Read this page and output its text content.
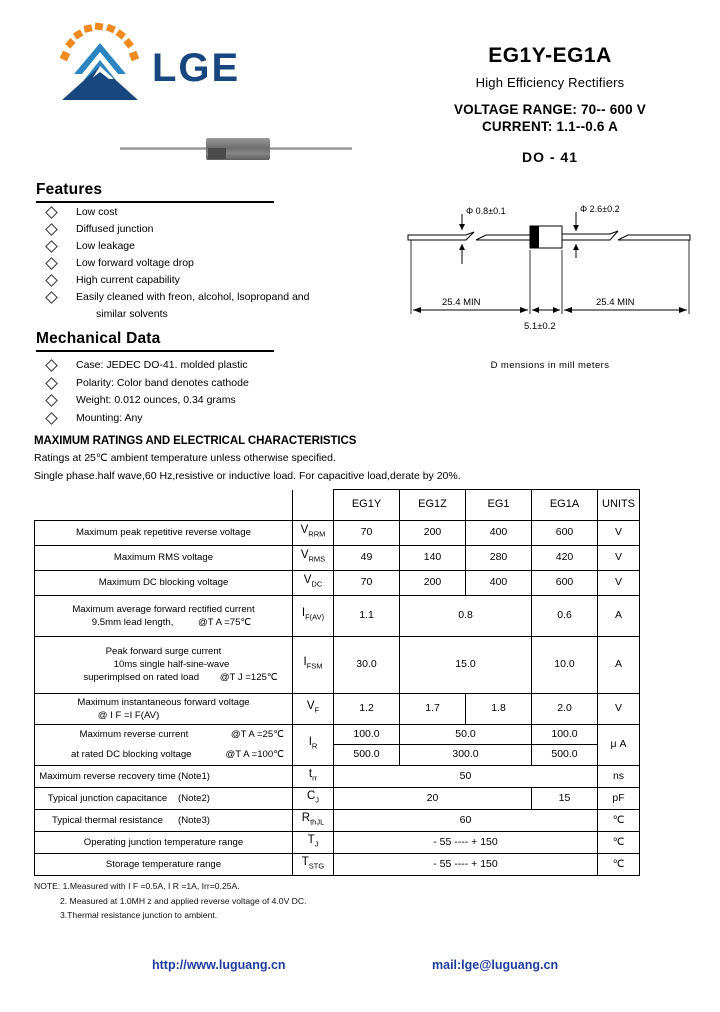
LGE	EG1Y-EG1A
High Efficiency Rectifiers
VOLTAGE RANGE: 70-- 600 V
CURRENT: 1.1--0.6 A
DO - 41
Features
Low cost
Diffused junction
Low leakage
Low forward voltage drop
High current capability
Easily cleaned with freon, alcohol, lsopropand and
similar solvents
Mechanical Data
Case: JEDEC DO-41. molded plastic
Polarity: Color band denotes cathode
Weight: 0.012 ounces, 0.34 grams
Mounting: Any
Φ 0.8±0.1	Φ 2.6±0.2
25.4 MIN
5.1±0.2
25.4 MIN
D mensions in mill meters
MAXIMUM RATINGS AND ELECTRICAL CHARACTERISTICS
Ratings at 25℃ ambient temperature unless otherwise specified.
Single phase.half wave,60 Hz,resistive or inductive load. For capacitive load,derate by 20%.
		EG1Y	EG1Z	EG1	EG1A	UNITS
Maximum peak repetitive reverse voltage	$V_{RRM}$	70	200	400	600	V
Maximum RMS voltage	$V_{RMS}$	49	140	280	420	V
Maximum DC blocking voltage	$V_{DC}$	70	200	400	600	V

Maximum average forward rectified current
9.5mm lead length, @T A =75℃	$I_{F(AV)}$	1.1	0.8		0.6	A

Peak forward surge current
10ms single half-sine-wave
superimplsed on rated load @T J =125℃	$I_{FSM}$	30.0	15.0		10.0	A

Maximum instantaneous forward voltage
@ I F =I F(AV)	$V_F$	1.2	1.7	1.8	2.0	V
Maximum reverse current @T A =25℃	$I_R$	100.0	50.0		100.0	μ A
at rated DC blocking voltage @T A =100℃		500.0	300.0		500.0	
Maximum reverse recovery time (Note1)	$t_{rr}$	50				ns
Typical junction capacitance (Note2)	$C_J$	20			15	pF
Typical thermal resistance (Note3)	$R_{thJL}$	60				℃
Operating junction temperature range	$T_J$	- 55 ---- + 150				℃
Storage temperature range	$T_{STG}$	- 55 ---- + 150				℃
NOTE: 1.Measured with I F =0.5A, I R =1A, Irr=0.25A.
2. Measured at 1.0MH z and applied reverse voltage of 4.0V DC.
3.Thermal resistance junction to ambient.
http://www.luguang.cn	mail:lge@luguang.cn
